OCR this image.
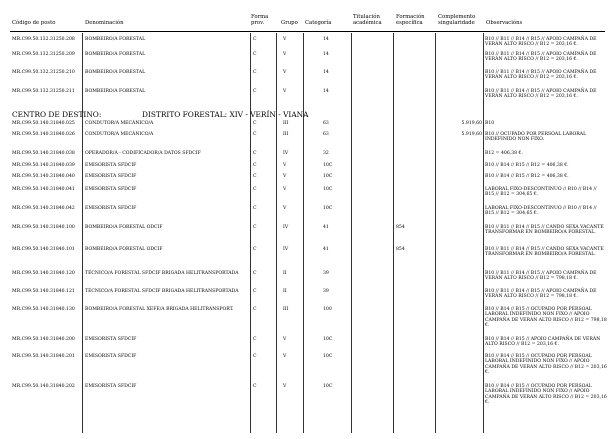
Código de posto	Denominación
Forma prov.	Grupo Categoría
Titulación académica
Formación específica
Complemento singularidade	Observacións
MR.C99.50.132.31250.208	BOMBEIRO/A FORESTAL	C	V	14	B10 // B11 // B14 // B15 // APOIO CAMPAÑA DE VERÁN ALTO RISCO // B12 = 203,16 €.
MR.C99.50.132.31250.209	BOMBEIRO/A FORESTAL	C	V	14	B10 // B11 // B14 // B15 // APOIO CAMPAÑA DE VERÁN ALTO RISCO // B12 = 203,16 €.
MR.C99.50.132.31250.210	BOMBEIRO/A FORESTAL	C	V	14	B10 // B11 // B14 // B15 // APOIO CAMPAÑA DE VERÁN ALTO RISCO // B12 = 203,16 €.
MR.C99.50.132.31250.211	BOMBEIRO/A FORESTAL	C	V	14	B10 // B11 // B14 // B15 // APOIO CAMPAÑA DE VERÁN ALTO RISCO // B12 = 203,16 €.
CENTRO DE DESTINO:	DISTRITO FORESTAL: XIV - VERÍN - VIANA
MR.C99.50.140.31840.025	CONDUTOR/A MECÁNICO/A	C	III	63	5.919,60 B10
MR.C99.50.140.31840.026	CONDUTOR/A MECÁNICO/A	C	III	63	5.919,60 B10 // OCUPADO POR PERSOAL LABORAL INDEFINIDO NON FIXO.
MR.C99.50.140.31840.038	OPERADOR/A - CODIFICADOR/A DATOS SFDCIF	C	IV	32	B12 = 406,38 €.
MR.C99.50.140.31840.039	EMISORISTA SFDCIF	C	V	10C	B10 // B14 // B15 // B12 = 406,38 €.
MR.C99.50.140.31840.040	EMISORISTA SFDCIF	C	V	10C	B10 // B14 // B15 // B12 = 406,38 €.
MR.C99.50.140.31840.041	EMISORISTA SFDCIF	C	V	10C	LABORAL FIXO-DESCONTINUO // B10 // B14 // B15 // B12 = 304,65 €.
MR.C99.50.140.31840.042	EMISORISTA SFDCIF	C	V	10C	LABORAL FIXO-DESCONTINUO // B10 // B14 // B15 // B12 = 304,65 €.
MR.C99.50.140.31840.100	BOMBEIRO/A FORESTAL ODCIF	C	IV	41	854	B10 // B11 // B14 // B15 // CANDO SEXA VACANTE TRANSFORMAR EN BOMBEIRO/A FORESTAL.
MR.C99.50.140.31840.101	BOMBEIRO/A FORESTAL ODCIF	C	IV	41	854	B10 // B11 // B14 // B15 // CANDO SEXA VACANTE TRANSFORMAR EN BOMBEIRO/A FORESTAL.
MR.C99.50.140.31840.120	TÉCNICO/A FORESTAL SFDCIF BRIGADA HELITRANSPORTADA	C	II	39	B10 // B11 // B14 // B15 // APOIO CAMPAÑA DE VERÁN ALTO RISCO // B12 = 798,18 €.
MR.C99.50.140.31840.121	TÉCNICO/A FORESTAL SFDCIF BRIGADA HELITRANSPORTADA	C	II	39	B10 // B11 // B14 // B15 // APOIO CAMPAÑA DE VERÁN ALTO RISCO // B12 = 798,18 €.
MR.C99.50.140.31840.130	BOMBEIRO/A FORESTAL XEFE/A BRIGADA HELITRANSPORT.	C	III	100	B10 // B14 // B15 // OCUPADO POR PERSOAL LABORAL INDEFINIDO NON FIXO // APOIO CAMPAÑA DE VERÁN ALTO RISCO // B12 = 798,18 €.
MR.C99.50.140.31840.200	EMISORISTA SFDCIF	C	V	10C	B10 // B14 // B15 // APOIO CAMPAÑA DE VERÁN ALTO RISCO // B12 = 203,16 €.
MR.C99.50.140.31840.201	EMISORISTA SFDCIF	C	V	10C	B10 // B14 // B15 // OCUPADO POR PERSOAL LABORAL INDEFINIDO NON FIXO // APOIO CAMPAÑA DE VERÁN ALTO RISCO // B12 = 203,16 €.
MR.C99.50.140.31840.202	EMISORISTA SFDCIF	C	V	10C	B10 // B14 // B15 // OCUPADO POR PERSOAL LABORAL INDEFINIDO NON FIXO // APOIO CAMPAÑA DE VERÁN ALTO RISCO // B12 = 203,16 €.
